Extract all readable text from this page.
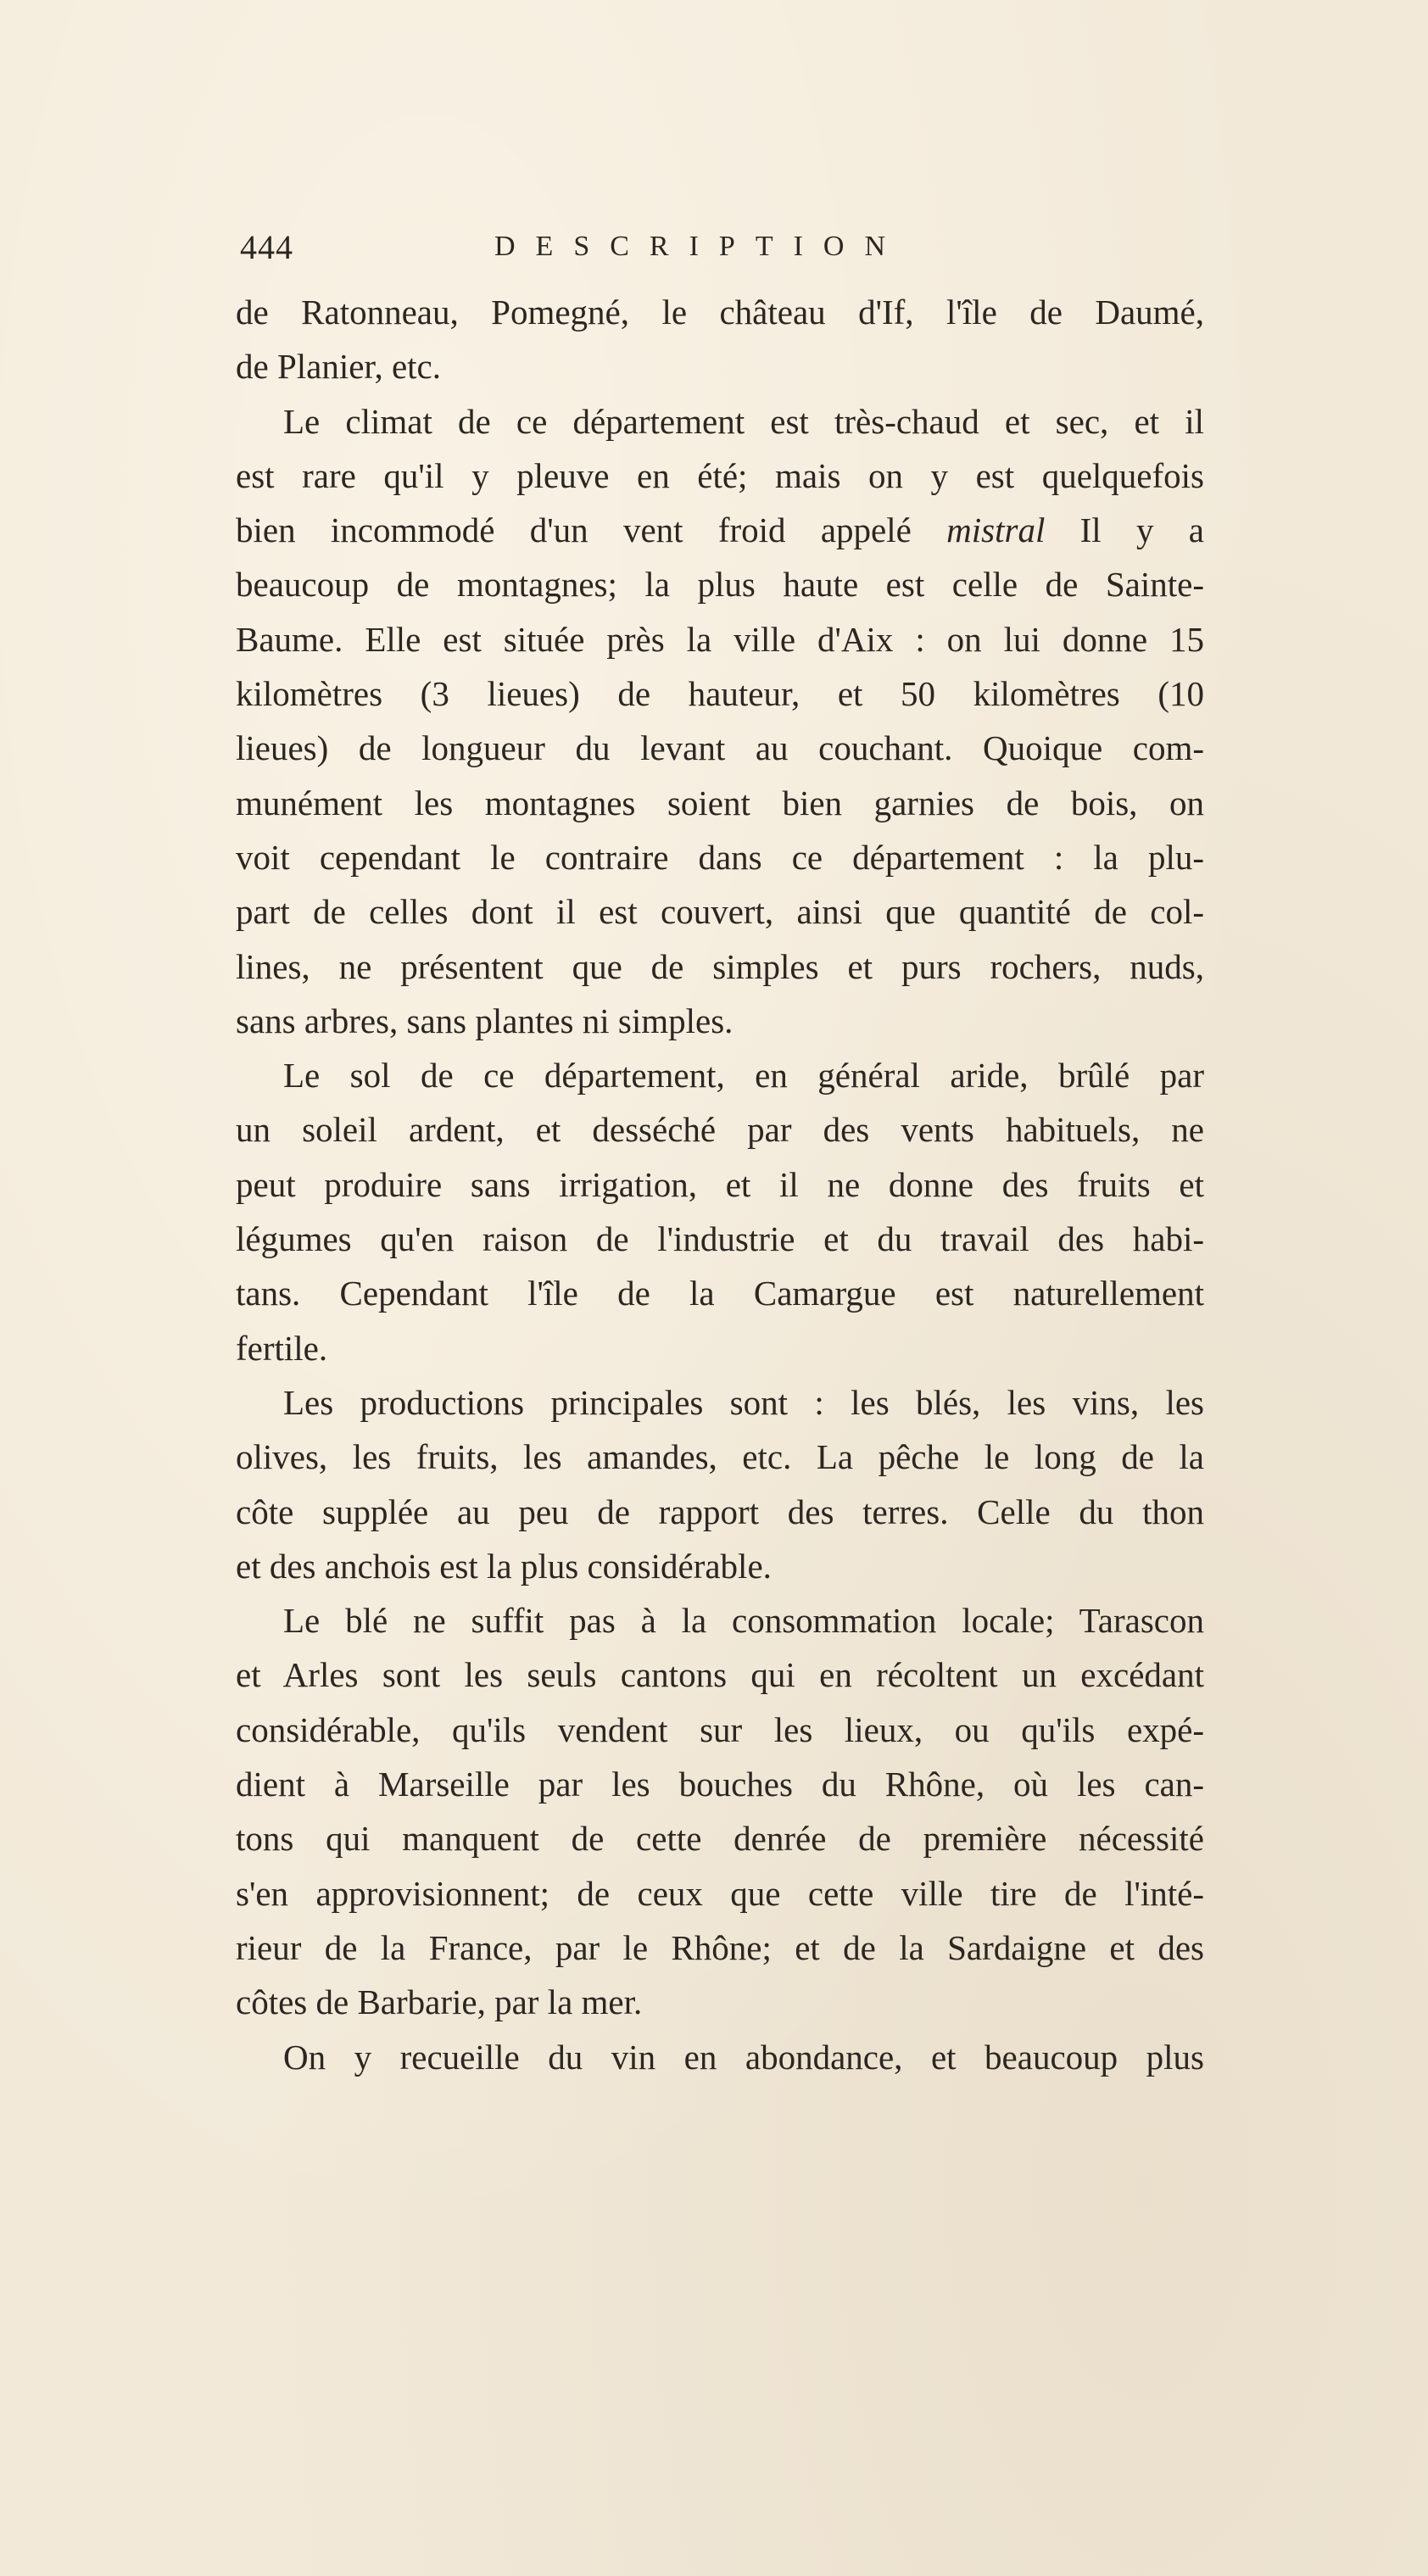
444	DESCRIPTION
de Ratonneau, Pomegné, le château d'If, l'île de Daumé,
de Planier, etc.
Le climat de ce département est très-chaud et sec, et il
est rare qu'il y pleuve en été; mais on y est quelquefois
bien incommodé d'un vent froid appelé mistral Il y a
beaucoup de montagnes; la plus haute est celle de Sainte-
Baume. Elle est située près la ville d'Aix : on lui donne 15
kilomètres (3 lieues) de hauteur, et 50 kilomètres (10
lieues) de longueur du levant au couchant. Quoique com-
munément les montagnes soient bien garnies de bois, on
voit cependant le contraire dans ce département : la plu-
part de celles dont il est couvert, ainsi que quantité de col-
lines, ne présentent que de simples et purs rochers, nuds,
sans arbres, sans plantes ni simples.
Le sol de ce département, en général aride, brûlé par
un soleil ardent, et desséché par des vents habituels, ne
peut produire sans irrigation, et il ne donne des fruits et
légumes qu'en raison de l'industrie et du travail des habi-
tans. Cependant l'île de la Camargue est naturellement
fertile.
Les productions principales sont : les blés, les vins, les
olives, les fruits, les amandes, etc. La pêche le long de la
côte supplée au peu de rapport des terres. Celle du thon
et des anchois est la plus considérable.
Le blé ne suffit pas à la consommation locale; Tarascon
et Arles sont les seuls cantons qui en récoltent un excédant
considérable, qu'ils vendent sur les lieux, ou qu'ils expé-
dient à Marseille par les bouches du Rhône, où les can-
tons qui manquent de cette denrée de première nécessité
s'en approvisionnent; de ceux que cette ville tire de l'inté-
rieur de la France, par le Rhône; et de la Sardaigne et des
côtes de Barbarie, par la mer.
On y recueille du vin en abondance, et beaucoup plus
